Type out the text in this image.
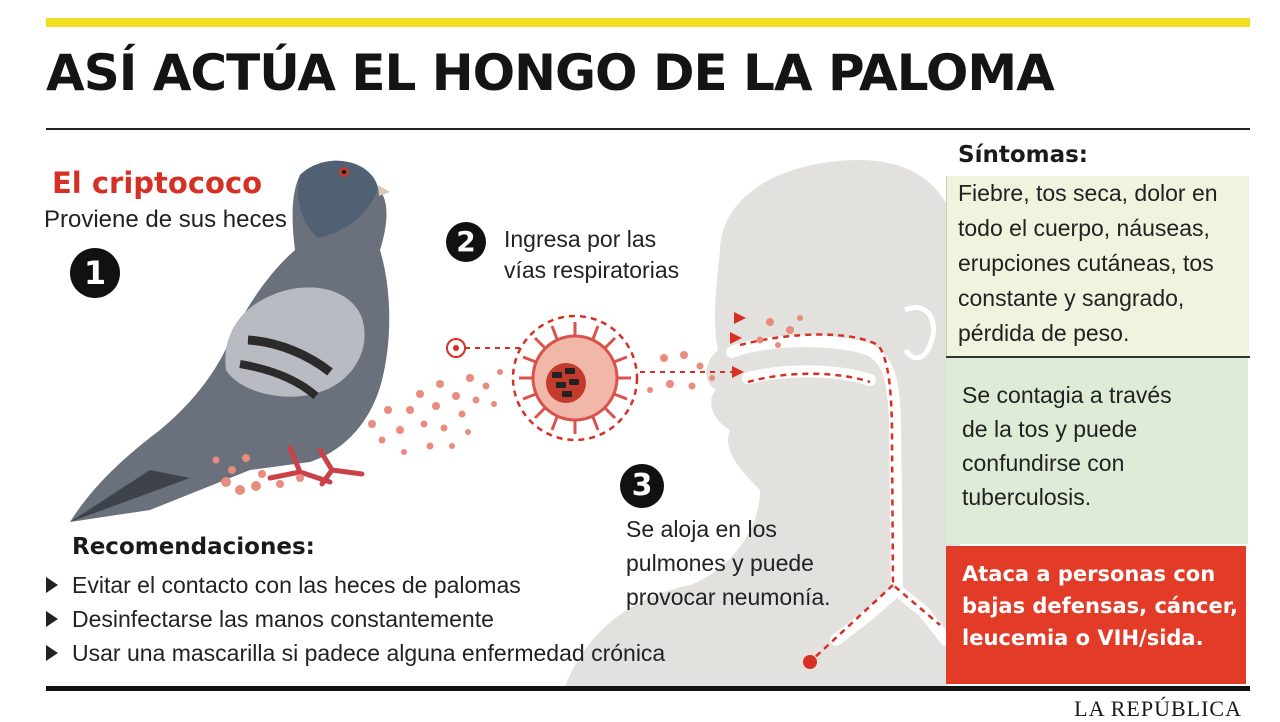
ASÍ ACTÚA EL HONGO DE LA PALOMA
El criptococo
Proviene de sus heces
1
2	Ingresa por las
vías respiratorias
3
Se aloja en los
pulmones y puede
provocar neumonía.
Recomendaciones:
Evitar el contacto con las heces de palomas
Desinfectarse las manos constantemente
Usar una mascarilla si padece alguna enfermedad crónica
Síntomas:
Fiebre, tos seca, dolor en
todo el cuerpo, náuseas,
erupciones cutáneas, tos
constante y sangrado,
pérdida de peso.
Se contagia a través
de la tos y puede
confundirse con
tuberculosis.
Ataca a personas con
bajas defensas, cáncer,
leucemia o VIH/sida.
LA REPÚBLICA
